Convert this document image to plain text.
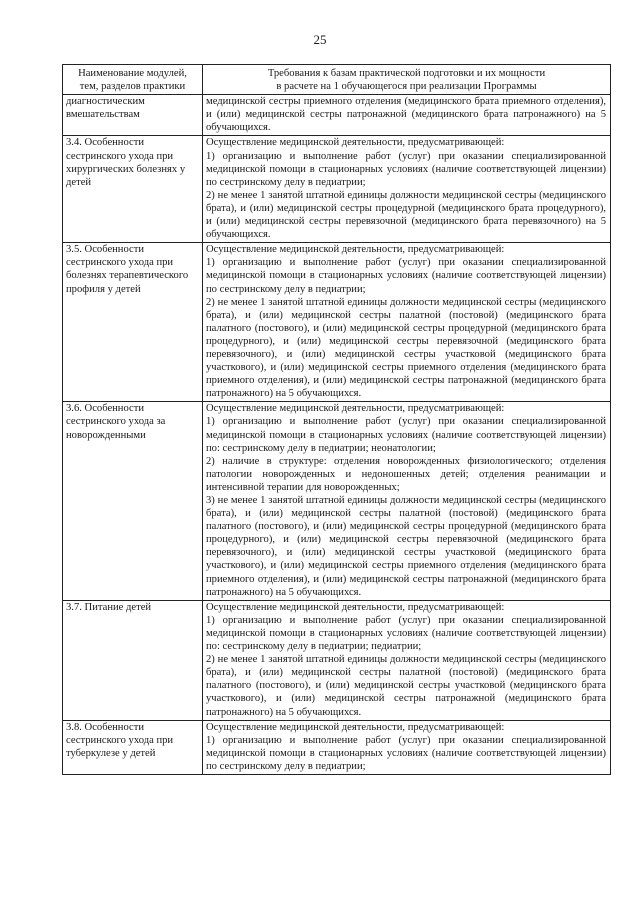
25
Наименование модулей,
тем, разделов практики	Требования к базам практической подготовки и их мощности
в расчете на 1 обучающегося при реализации Программы

диагностическим вмешательствам	медицинской сестры приемного отделения (медицинского брата приемного отделения), и (или) медицинской сестры патронажной (медицинского брата патронажного) на 5 обучающихся.

3.4. Особенности сестринского ухода при хирургических болезнях у детей	Осуществление медицинской деятельности, предусматривающей:
1) организацию и выполнение работ (услуг) при оказании специализированной медицинской помощи в стационарных условиях (наличие соответствующей лицензии) по сестринскому делу в педиатрии;
2) не менее 1 занятой штатной единицы должности медицинской сестры (медицинского брата), и (или) медицинской сестры процедурной (медицинского брата процедурного), и (или) медицинской сестры перевязочной (медицинского брата перевязочного) на 5 обучающихся.

3.5. Особенности сестринского ухода при болезнях терапевтического профиля у детей	Осуществление медицинской деятельности, предусматривающей:
1) организацию и выполнение работ (услуг) при оказании специализированной медицинской помощи в стационарных условиях (наличие соответствующей лицензии) по сестринскому делу в педиатрии;
2) не менее 1 занятой штатной единицы должности медицинской сестры (медицинского брата), и (или) медицинской сестры палатной (постовой) (медицинского брата палатного (постового), и (или) медицинской сестры процедурной (медицинского брата процедурного), и (или) медицинской сестры перевязочной (медицинского брата перевязочного), и (или) медицинской сестры участковой (медицинского брата участкового), и (или) медицинской сестры приемного отделения (медицинского брата приемного отделения), и (или) медицинской сестры патронажной (медицинского брата патронажного) на 5 обучающихся.

3.6. Особенности сестринского ухода за новорожденными	Осуществление медицинской деятельности, предусматривающей:
1) организацию и выполнение работ (услуг) при оказании специализированной медицинской помощи в стационарных условиях (наличие соответствующей лицензии) по: сестринскому делу в педиатрии; неонатологии;
2) наличие в структуре: отделения новорожденных физиологического; отделения патологии новорожденных и недоношенных детей; отделения реанимации и интенсивной терапии для новорожденных;
3) не менее 1 занятой штатной единицы должности медицинской сестры (медицинского брата), и (или) медицинской сестры палатной (постовой) (медицинского брата палатного (постового), и (или) медицинской сестры процедурной (медицинского брата процедурного), и (или) медицинской сестры перевязочной (медицинского брата перевязочного), и (или) медицинской сестры участковой (медицинского брата участкового), и (или) медицинской сестры приемного отделения (медицинского брата приемного отделения), и (или) медицинской сестры патронажной (медицинского брата патронажного) на 5 обучающихся.

3.7. Питание детей	Осуществление медицинской деятельности, предусматривающей:
1) организацию и выполнение работ (услуг) при оказании специализированной медицинской помощи в стационарных условиях (наличие соответствующей лицензии) по: сестринскому делу в педиатрии; педиатрии;
2) не менее 1 занятой штатной единицы должности медицинской сестры (медицинского брата), и (или) медицинской сестры палатной (постовой) (медицинского брата палатного (постового), и (или) медицинской сестры участковой (медицинского брата участкового), и (или) медицинской сестры патронажной (медицинского брата патронажного) на 5 обучающихся.

3.8. Особенности сестринского ухода при туберкулезе у детей	Осуществление медицинской деятельности, предусматривающей:
1) организацию и выполнение работ (услуг) при оказании специализированной медицинской помощи в стационарных условиях (наличие соответствующей лицензии) по сестринскому делу в педиатрии;
